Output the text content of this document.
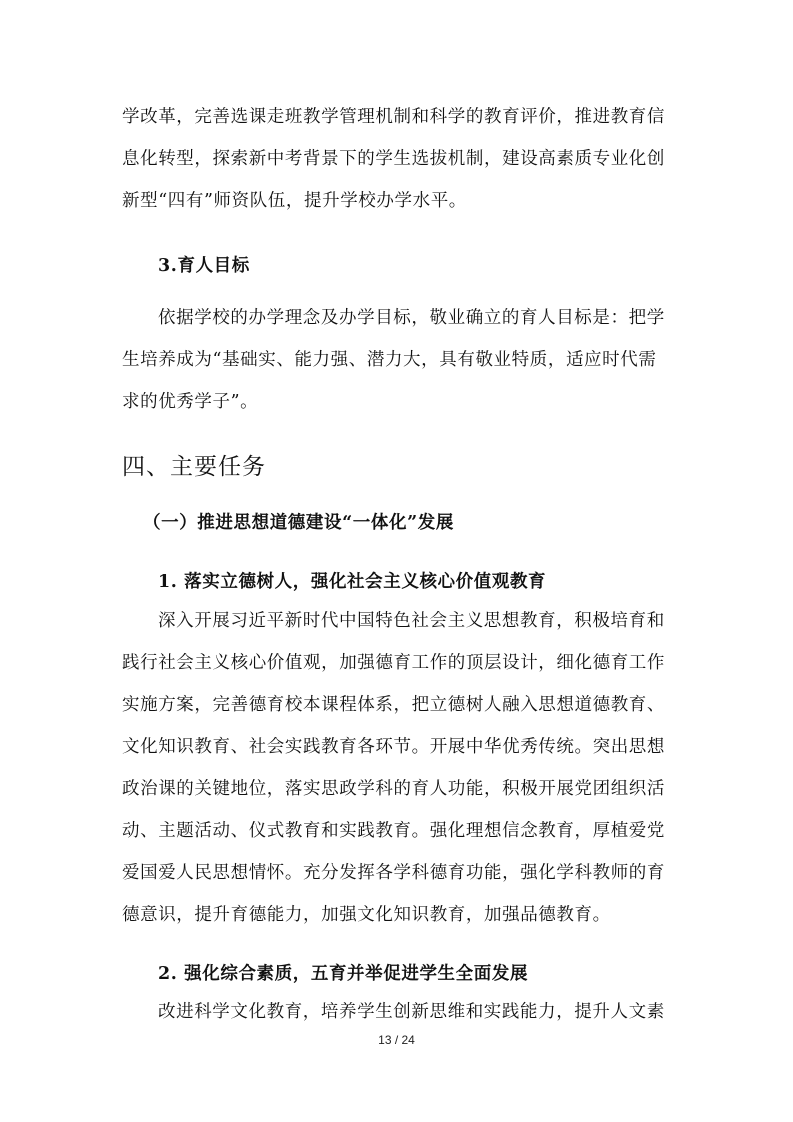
学改革，完善选课走班教学管理机制和科学的教育评价，推进教育信
息化转型，探索新中考背景下的学生选拔机制，建设高素质专业化创
新型“四有”师资队伍，提升学校办学水平。
3.育人目标
依据学校的办学理念及办学目标，敬业确立的育人目标是：把学
生培养成为“基础实、能力强、潜力大，具有敬业特质，适应时代需
求的优秀学子”。
四、主要任务
（一）推进思想道德建设“一体化”发展
1. 落实立德树人，强化社会主义核心价值观教育
深入开展习近平新时代中国特色社会主义思想教育，积极培育和
践行社会主义核心价值观，加强德育工作的顶层设计，细化德育工作
实施方案，完善德育校本课程体系，把立德树人融入思想道德教育、
文化知识教育、社会实践教育各环节。开展中华优秀传统。突出思想
政治课的关键地位，落实思政学科的育人功能，积极开展党团组织活
动、主题活动、仪式教育和实践教育。强化理想信念教育，厚植爱党
爱国爱人民思想情怀。充分发挥各学科德育功能，强化学科教师的育
德意识，提升育德能力，加强文化知识教育，加强品德教育。
2. 强化综合素质，五育并举促进学生全面发展
改进科学文化教育，培养学生创新思维和实践能力，提升人文素
13 / 24
